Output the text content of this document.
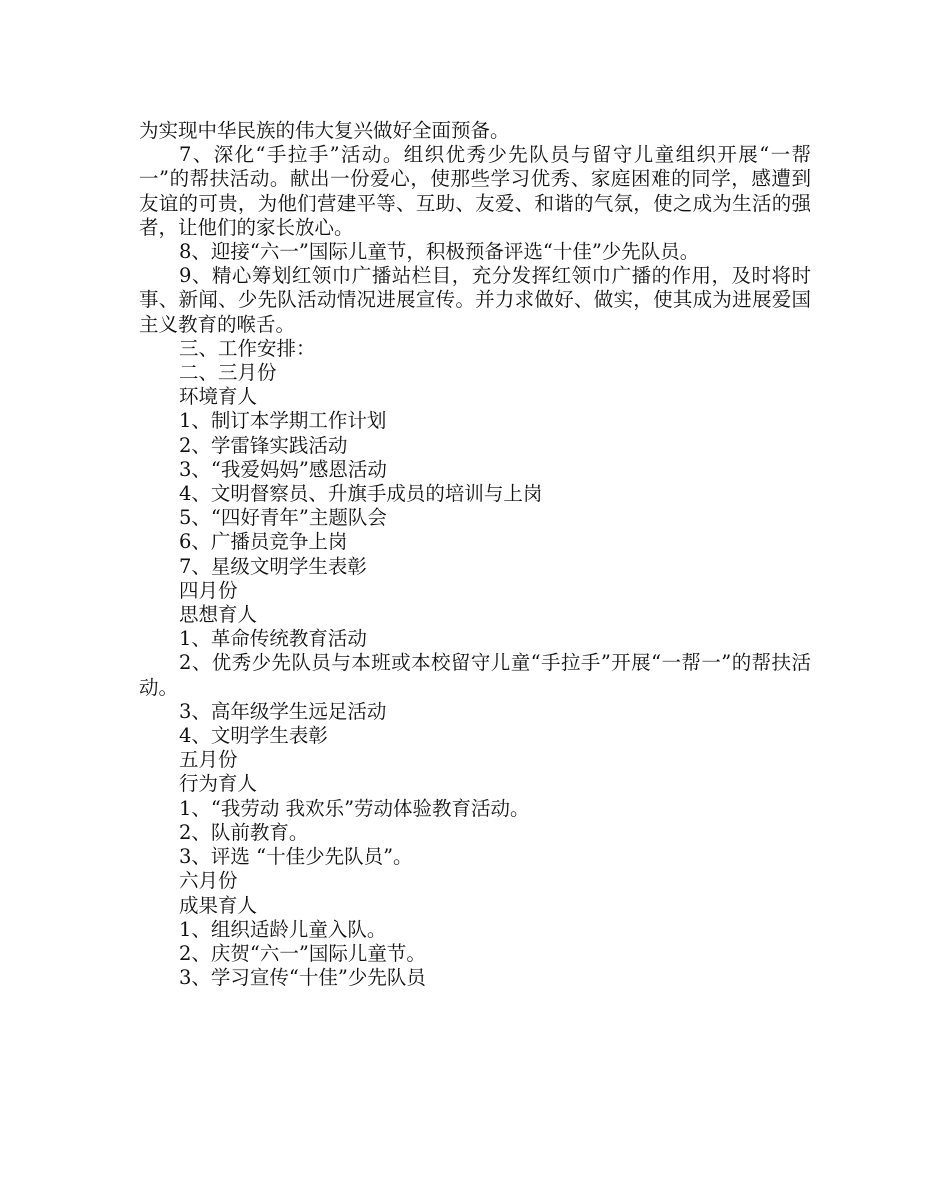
为实现中华民族的伟大复兴做好全面预备。

7、深化“手拉手”活动。组织优秀少先队员与留守儿童组织开展“一帮一”的帮扶活动。献出一份爱心，使那些学习优秀、家庭困难的同学，感遭到友谊的可贵，为他们营建平等、互助、友爱、和谐的气氛，使之成为生活的强者，让他们的家长放心。

8、迎接“六一”国际儿童节，积极预备评选“十佳”少先队员。

9、精心筹划红领巾广播站栏目，充分发挥红领巾广播的作用，及时将时事、新闻、少先队活动情况进展宣传。并力求做好、做实，使其成为进展爱国主义教育的喉舌。

三、工作安排：

二、三月份

环境育人

1、制订本学期工作计划

2、学雷锋实践活动

3、“我爱妈妈”感恩活动

4、文明督察员、升旗手成员的培训与上岗

5、“四好青年”主题队会

6、广播员竞争上岗

7、星级文明学生表彰

四月份

思想育人

1、革命传统教育活动

2、优秀少先队员与本班或本校留守儿童“手拉手”开展“一帮一”的帮扶活动。

3、高年级学生远足活动

4、文明学生表彰

五月份

行为育人

1、“我劳动 我欢乐”劳动体验教育活动。

2、队前教育。

3、评选 “十佳少先队员”。

六月份

成果育人

1、组织适龄儿童入队。

2、庆贺“六一”国际儿童节。

3、学习宣传“十佳”少先队员
